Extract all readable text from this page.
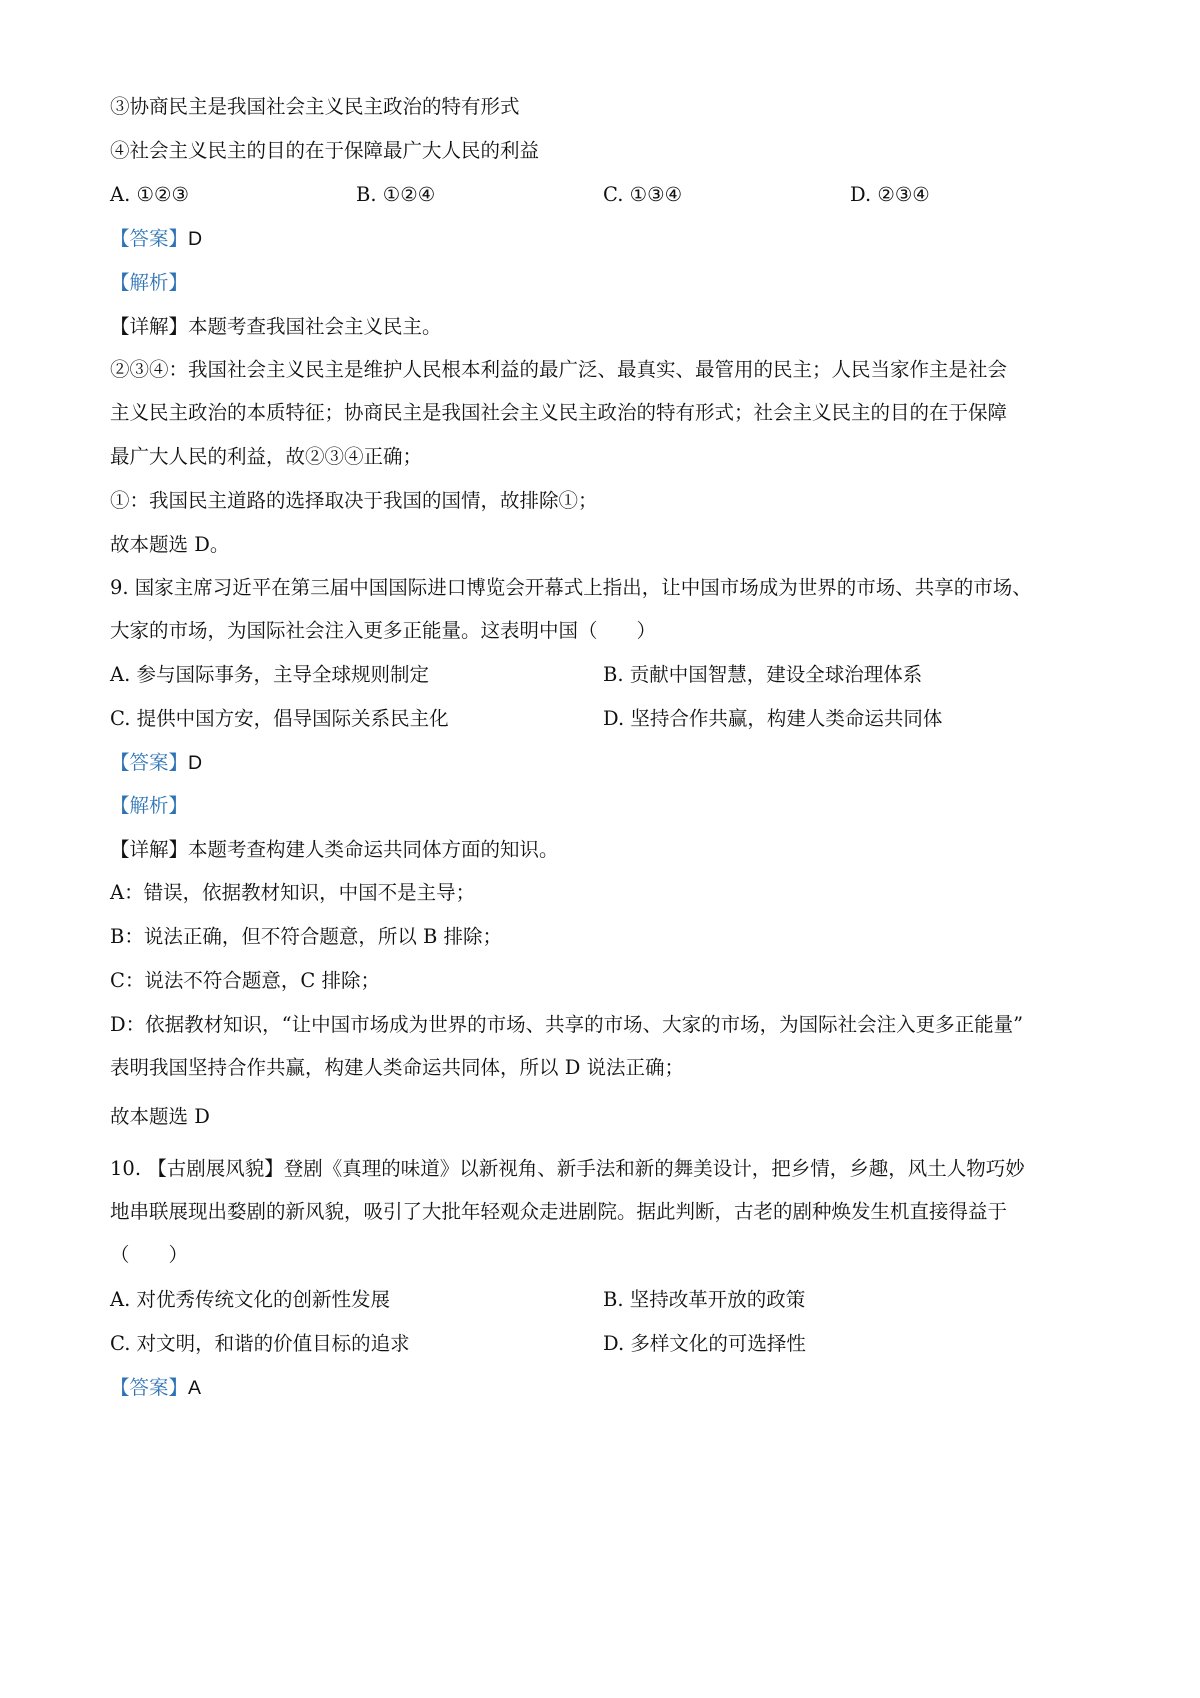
③协商民主是我国社会主义民主政治的特有形式
④社会主义民主的目的在于保障最广大人民的利益
A. ①②③	B. ①②④	C. ①③④	D. ②③④
【答案】D
【解析】
【详解】本题考查我国社会主义民主。
②③④：我国社会主义民主是维护人民根本利益的最广泛、最真实、最管用的民主；人民当家作主是社会
主义民主政治的本质特征；协商民主是我国社会主义民主政治的特有形式；社会主义民主的目的在于保障
最广大人民的利益，故②③④正确；
①：我国民主道路的选择取决于我国的国情，故排除①；
故本题选 D。
9. 国家主席习近平在第三届中国国际进口博览会开幕式上指出，让中国市场成为世界的市场、共享的市场、
大家的市场，为国际社会注入更多正能量。这表明中国（　　）
A. 参与国际事务，主导全球规则制定	B. 贡献中国智慧，建设全球治理体系
C. 提供中国方安，倡导国际关系民主化	D. 坚持合作共赢，构建人类命运共同体
【答案】D
【解析】
【详解】本题考查构建人类命运共同体方面的知识。
A：错误，依据教材知识，中国不是主导；
B：说法正确，但不符合题意，所以 B 排除；
C：说法不符合题意，C 排除；
D：依据教材知识，“让中国市场成为世界的市场、共享的市场、大家的市场，为国际社会注入更多正能量”
表明我国坚持合作共赢，构建人类命运共同体，所以 D 说法正确；
故本题选 D
10. 【古剧展风貌】登剧《真理的味道》以新视角、新手法和新的舞美设计，把乡情，乡趣，风土人物巧妙
地串联展现出婺剧的新风貌，吸引了大批年轻观众走进剧院。据此判断，古老的剧种焕发生机直接得益于
（　　）
A. 对优秀传统文化的创新性发展	B. 坚持改革开放的政策
C. 对文明，和谐的价值目标的追求	D. 多样文化的可选择性
【答案】A
